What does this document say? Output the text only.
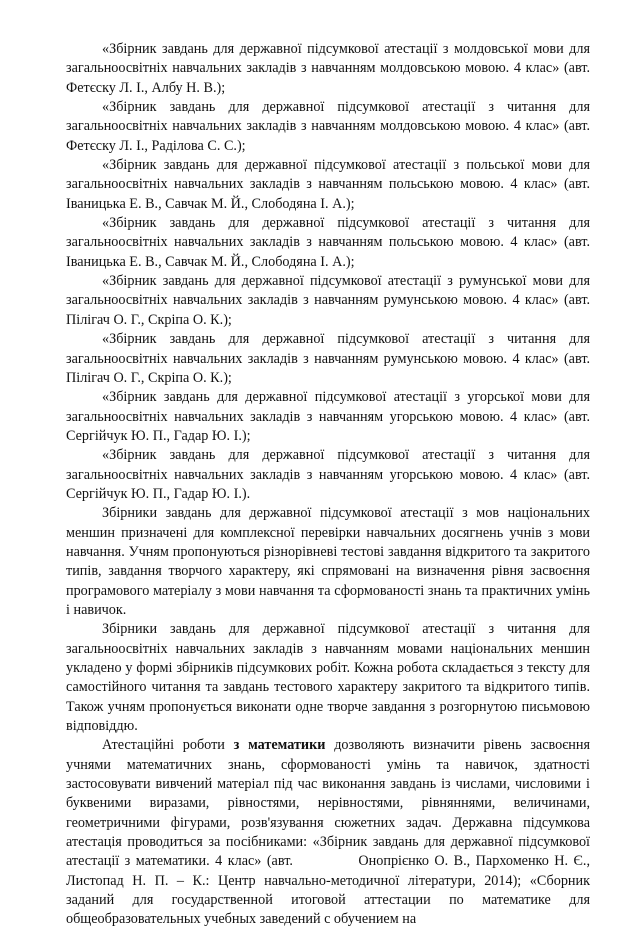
«Збірник завдань для державної підсумкової атестації з молдовської мови для загальноосвітніх навчальних закладів з навчанням молдовською мовою. 4 клас» (авт. Фетєску Л. І., Албу Н. В.);

«Збірник завдань для державної підсумкової атестації з читання для загальноосвітніх навчальних закладів з навчанням молдовською мовою. 4 клас» (авт. Фетєску Л. І., Раділова С. С.);

«Збірник завдань для державної підсумкової атестації з польської мови для загальноосвітніх навчальних закладів з навчанням польською мовою. 4 клас» (авт. Іваницька Е. В., Савчак М. Й., Слободяна І. А.);

«Збірник завдань для державної підсумкової атестації з читання для загальноосвітніх навчальних закладів з навчанням польською мовою. 4 клас» (авт. Іваницька Е. В., Савчак М. Й., Слободяна І. А.);

«Збірник завдань для державної підсумкової атестації з румунської мови для загальноосвітніх навчальних закладів з навчанням румунською мовою. 4 клас» (авт. Пілігач О. Г., Скріпа О. К.);

«Збірник завдань для державної підсумкової атестації з читання для загальноосвітніх навчальних закладів з навчанням румунською мовою. 4 клас» (авт. Пілігач О. Г., Скріпа О. К.);

«Збірник завдань для державної підсумкової атестації з угорської мови для загальноосвітніх навчальних закладів з навчанням угорською мовою. 4 клас» (авт. Сергійчук Ю. П., Гадар Ю. І.);

«Збірник завдань для державної підсумкової атестації з читання для загальноосвітніх навчальних закладів з навчанням угорською мовою. 4 клас» (авт. Сергійчук Ю. П., Гадар Ю. І.).

Збірники завдань для державної підсумкової атестації з мов національних меншин призначені для комплексної перевірки навчальних досягнень учнів з мови навчання. Учням пропонуються різнорівневі тестові завдання відкритого та закритого типів, завдання творчого характеру, які спрямовані на визначення рівня засвоєння програмового матеріалу з мови навчання та сформованості знань та практичних умінь і навичок.

Збірники завдань для державної підсумкової атестації з читання для загальноосвітніх навчальних закладів з навчанням мовами національних меншин укладено у формі збірників підсумкових робіт. Кожна робота складається з тексту для самостійного читання та завдань тестового характеру закритого та відкритого типів. Також учням пропонується виконати одне творче завдання з розгорнутою письмовою відповіддю.

Атестаційні роботи з математики дозволяють визначити рівень засвоєння учнями математичних знань, сформованості умінь та навичок, здатності застосовувати вивчений матеріал під час виконання завдань із числами, числовими і буквеними виразами, рівностями, нерівностями, рівняннями, величинами, геометричними фігурами, розв'язування сюжетних задач. Державна підсумкова атестація проводиться за посібниками: «Збірник завдань для державної підсумкової атестації з математики. 4 клас» (авт.            Онопрієнко О. В., Пархоменко Н. Є., Листопад Н. П. – К.: Центр навчально-методичної літератури, 2014); «Сборник заданий для государственной итоговой аттестации по математике для общеобразовательных учебных заведений с обучением на
